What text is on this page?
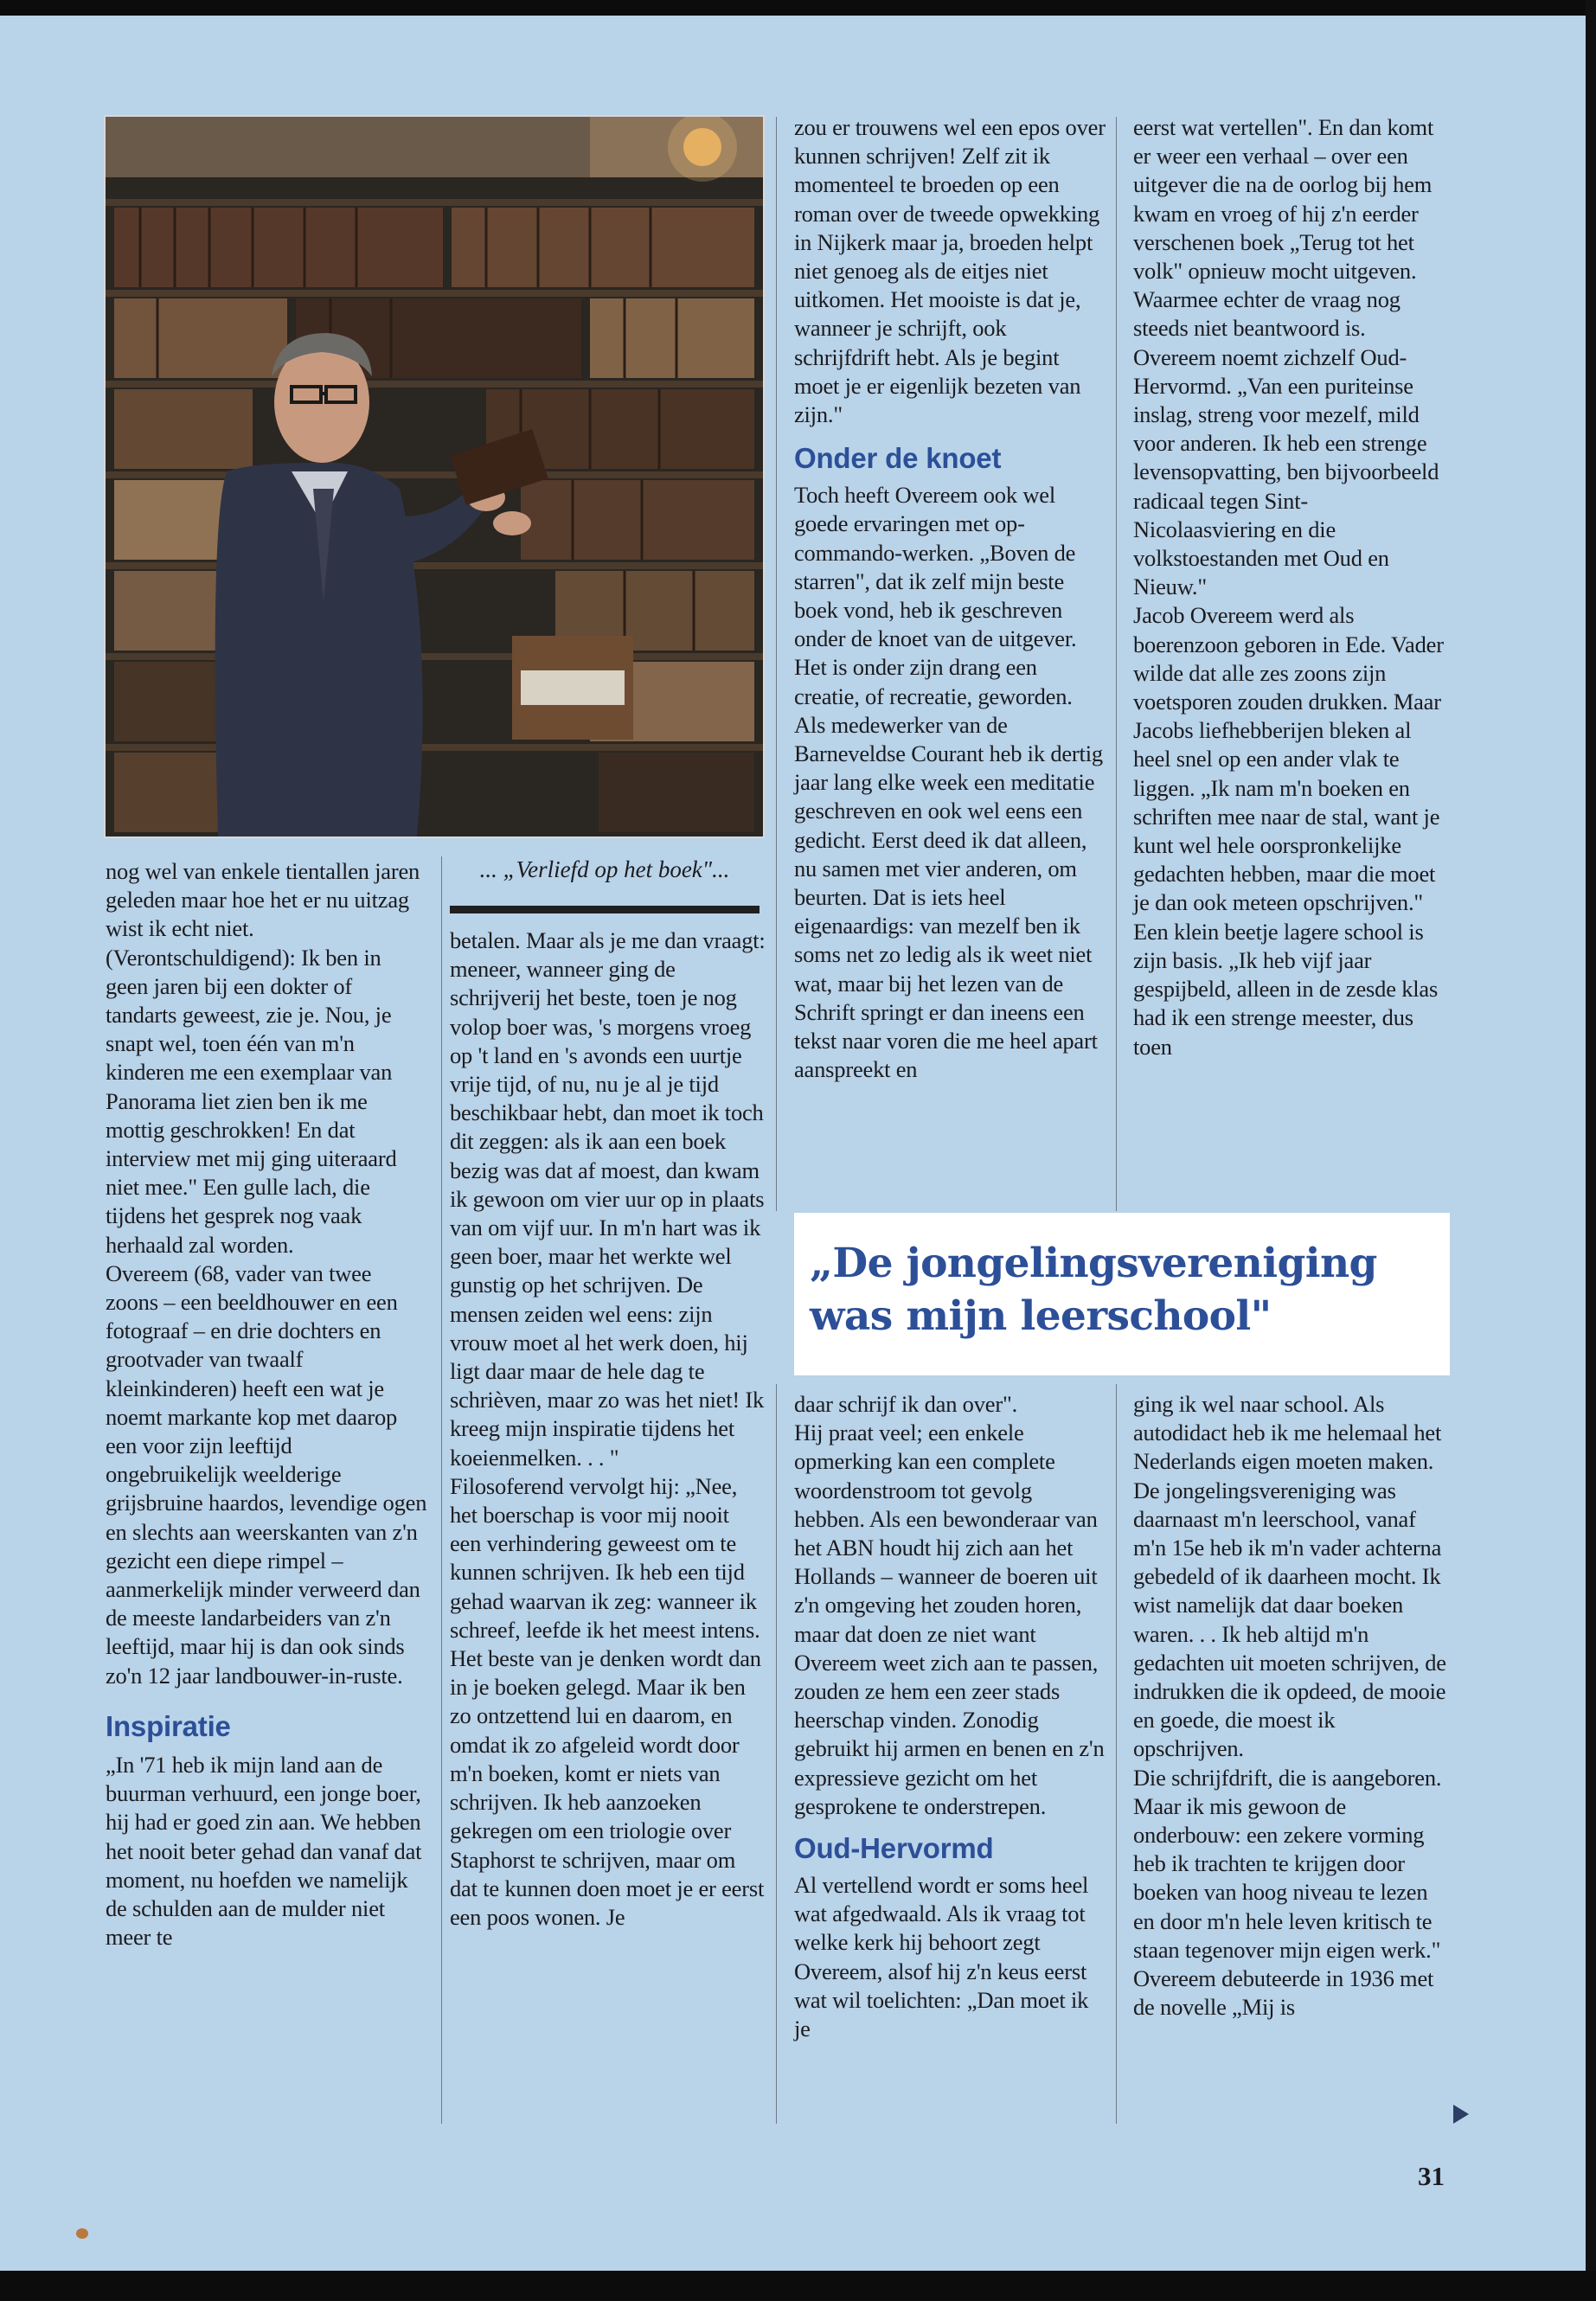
... „Verliefd op het boek"...

nog wel van enkele tientallen jaren geleden maar hoe het er nu uitzag wist ik echt niet. (Verontschuldigend): Ik ben in geen jaren bij een dokter of tandarts geweest, zie je. Nou, je snapt wel, toen één van m'n kinderen me een exemplaar van Panorama liet zien ben ik me mottig geschrokken! En dat interview met mij ging uiteraard niet mee." Een gulle lach, die tijdens het gesprek nog vaak herhaald zal worden.

Overeem (68, vader van twee zoons – een beeldhouwer en een fotograaf – en drie dochters en grootvader van twaalf kleinkinderen) heeft een wat je noemt markante kop met daarop een voor zijn leeftijd ongebruikelijk weelderige grijsbruine haardos, levendige ogen en slechts aan weerskanten van z'n gezicht een diepe rimpel – aanmerkelijk minder verweerd dan de meeste landarbeiders van z'n leeftijd, maar hij is dan ook sinds zo'n 12 jaar landbouwer-in-ruste.

Inspiratie

„In '71 heb ik mijn land aan de buurman verhuurd, een jonge boer, hij had er goed zin aan. We hebben het nooit beter gehad dan vanaf dat moment, nu hoefden we namelijk de schulden aan de mulder niet meer te

betalen. Maar als je me dan vraagt: meneer, wanneer ging de schrijverij het beste, toen je nog volop boer was, 's morgens vroeg op 't land en 's avonds een uurtje vrije tijd, of nu, nu je al je tijd beschikbaar hebt, dan moet ik toch dit zeggen: als ik aan een boek bezig was dat af moest, dan kwam ik gewoon om vier uur op in plaats van om vijf uur. In m'n hart was ik geen boer, maar het werkte wel gunstig op het schrijven. De mensen zeiden wel eens: zijn vrouw moet al het werk doen, hij ligt daar maar de hele dag te schrièven, maar zo was het niet! Ik kreeg mijn inspiratie tijdens het koeienmelken. . . "

Filosoferend vervolgt hij: „Nee, het boerschap is voor mij nooit een verhindering geweest om te kunnen schrijven. Ik heb een tijd gehad waarvan ik zeg: wanneer ik schreef, leefde ik het meest intens. Het beste van je denken wordt dan in je boeken gelegd. Maar ik ben zo ontzettend lui en daarom, en omdat ik zo afgeleid wordt door m'n boeken, komt er niets van schrijven. Ik heb aanzoeken gekregen om een triologie over Staphorst te schrijven, maar om dat te kunnen doen moet je er eerst een poos wonen. Je

zou er trouwens wel een epos over kunnen schrijven! Zelf zit ik momenteel te broeden op een roman over de tweede opwekking in Nijkerk maar ja, broeden helpt niet genoeg als de eitjes niet uitkomen. Het mooiste is dat je, wanneer je schrijft, ook schrijfdrift hebt. Als je begint moet je er eigenlijk bezeten van zijn."

Onder de knoet

Toch heeft Overeem ook wel goede ervaringen met op-commando-werken. „Boven de starren", dat ik zelf mijn beste boek vond, heb ik geschreven onder de knoet van de uitgever. Het is onder zijn drang een creatie, of recreatie, geworden. Als medewerker van de Barneveldse Courant heb ik dertig jaar lang elke week een meditatie geschreven en ook wel eens een gedicht. Eerst deed ik dat alleen, nu samen met vier anderen, om beurten. Dat is iets heel eigenaardigs: van mezelf ben ik soms net zo ledig als ik weet niet wat, maar bij het lezen van de Schrift springt er dan ineens een tekst naar voren die me heel apart aanspreekt en

eerst wat vertellen". En dan komt er weer een verhaal – over een uitgever die na de oorlog bij hem kwam en vroeg of hij z'n eerder verschenen boek „Terug tot het volk" opnieuw mocht uitgeven. Waarmee echter de vraag nog steeds niet beantwoord is. Overeem noemt zichzelf Oud-Hervormd. „Van een puriteinse inslag, streng voor mezelf, mild voor anderen. Ik heb een strenge levensopvatting, ben bijvoorbeeld radicaal tegen Sint-Nicolaasviering en die volkstoestanden met Oud en Nieuw."

Jacob Overeem werd als boerenzoon geboren in Ede. Vader wilde dat alle zes zoons zijn voetsporen zouden drukken. Maar Jacobs liefhebberijen bleken al heel snel op een ander vlak te liggen. „Ik nam m'n boeken en schriften mee naar de stal, want je kunt wel hele oorspronkelijke gedachten hebben, maar die moet je dan ook meteen opschrijven."

Een klein beetje lagere school is zijn basis. „Ik heb vijf jaar gespijbeld, alleen in de zesde klas had ik een strenge meester, dus toen

„De jongelingsvereniging was mijn leerschool"

daar schrijf ik dan over".

Hij praat veel; een enkele opmerking kan een complete woordenstroom tot gevolg hebben. Als een bewonderaar van het ABN houdt hij zich aan het Hollands – wanneer de boeren uit z'n omgeving het zouden horen, maar dat doen ze niet want Overeem weet zich aan te passen, zouden ze hem een zeer stads heerschap vinden. Zonodig gebruikt hij armen en benen en z'n expressieve gezicht om het gesprokene te onderstrepen.

Oud-Hervormd

Al vertellend wordt er soms heel wat afgedwaald. Als ik vraag tot welke kerk hij behoort zegt Overeem, alsof hij z'n keus eerst wat wil toelichten: „Dan moet ik je

ging ik wel naar school. Als autodidact heb ik me helemaal het Nederlands eigen moeten maken. De jongelingsvereniging was daarnaast m'n leerschool, vanaf m'n 15e heb ik m'n vader achterna gebedeld of ik daarheen mocht. Ik wist namelijk dat daar boeken waren. . . Ik heb altijd m'n gedachten uit moeten schrijven, de indrukken die ik opdeed, de mooie en goede, die moest ik opschrijven.

Die schrijfdrift, die is aangeboren. Maar ik mis gewoon de onderbouw: een zekere vorming heb ik trachten te krijgen door boeken van hoog niveau te lezen en door m'n hele leven kritisch te staan tegenover mijn eigen werk."

Overeem debuteerde in 1936 met de novelle „Mij is

31
